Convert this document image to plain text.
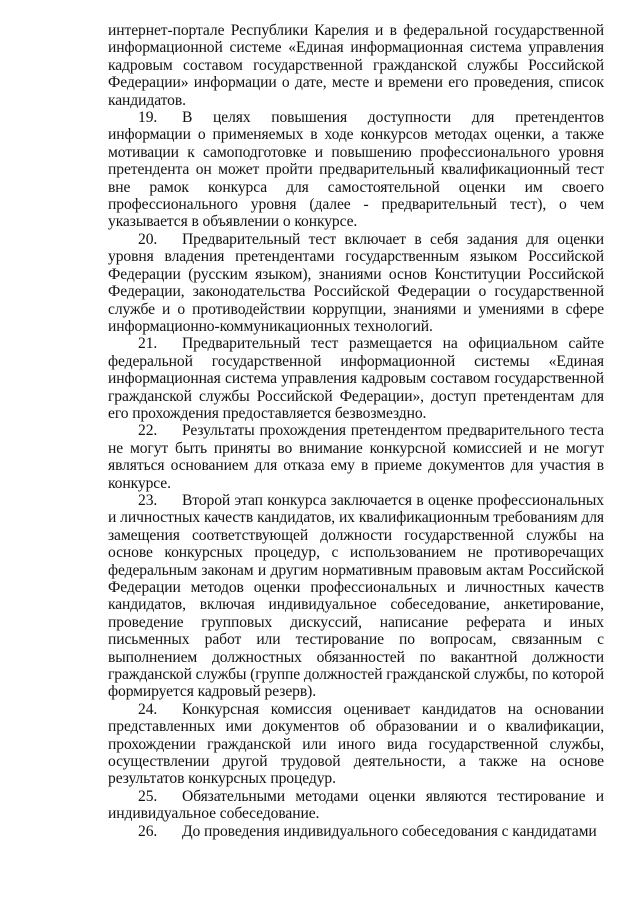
интернет-портале Республики Карелия и в федеральной государственной информационной системе «Единая информационная система управления кадровым составом государственной гражданской службы Российской Федерации» информации о дате, месте и времени его проведения, список кандидатов.

19. В целях повышения доступности для претендентов информации о применяемых в ходе конкурсов методах оценки, а также мотивации к самоподготовке и повышению профессионального уровня претендента он может пройти предварительный квалификационный тест вне рамок конкурса для самостоятельной оценки им своего профессионального уровня (далее - предварительный тест), о чем указывается в объявлении о конкурсе.

20. Предварительный тест включает в себя задания для оценки уровня владения претендентами государственным языком Российской Федерации (русским языком), знаниями основ Конституции Российской Федерации, законодательства Российской Федерации о государственной службе и о противодействии коррупции, знаниями и умениями в сфере информационно-коммуникационных технологий.

21. Предварительный тест размещается на официальном сайте федеральной государственной информационной системы «Единая информационная система управления кадровым составом государственной гражданской службы Российской Федерации», доступ претендентам для его прохождения предоставляется безвозмездно.

22. Результаты прохождения претендентом предварительного теста не могут быть приняты во внимание конкурсной комиссией и не могут являться основанием для отказа ему в приеме документов для участия в конкурсе.

23. Второй этап конкурса заключается в оценке профессиональных и личностных качеств кандидатов, их квалификационным требованиям для замещения соответствующей должности государственной службы на основе конкурсных процедур, с использованием не противоречащих федеральным законам и другим нормативным правовым актам Российской Федерации методов оценки профессиональных и личностных качеств кандидатов, включая индивидуальное собеседование, анкетирование, проведение групповых дискуссий, написание реферата и иных письменных работ или тестирование по вопросам, связанным с выполнением должностных обязанностей по вакантной должности гражданской службы (группе должностей гражданской службы, по которой формируется кадровый резерв).

24. Конкурсная комиссия оценивает кандидатов на основании представленных ими документов об образовании и о квалификации, прохождении гражданской или иного вида государственной службы, осуществлении другой трудовой деятельности, а также на основе результатов конкурсных процедур.

25. Обязательными методами оценки являются тестирование и индивидуальное собеседование.

26. До проведения индивидуального собеседования с кандидатами
